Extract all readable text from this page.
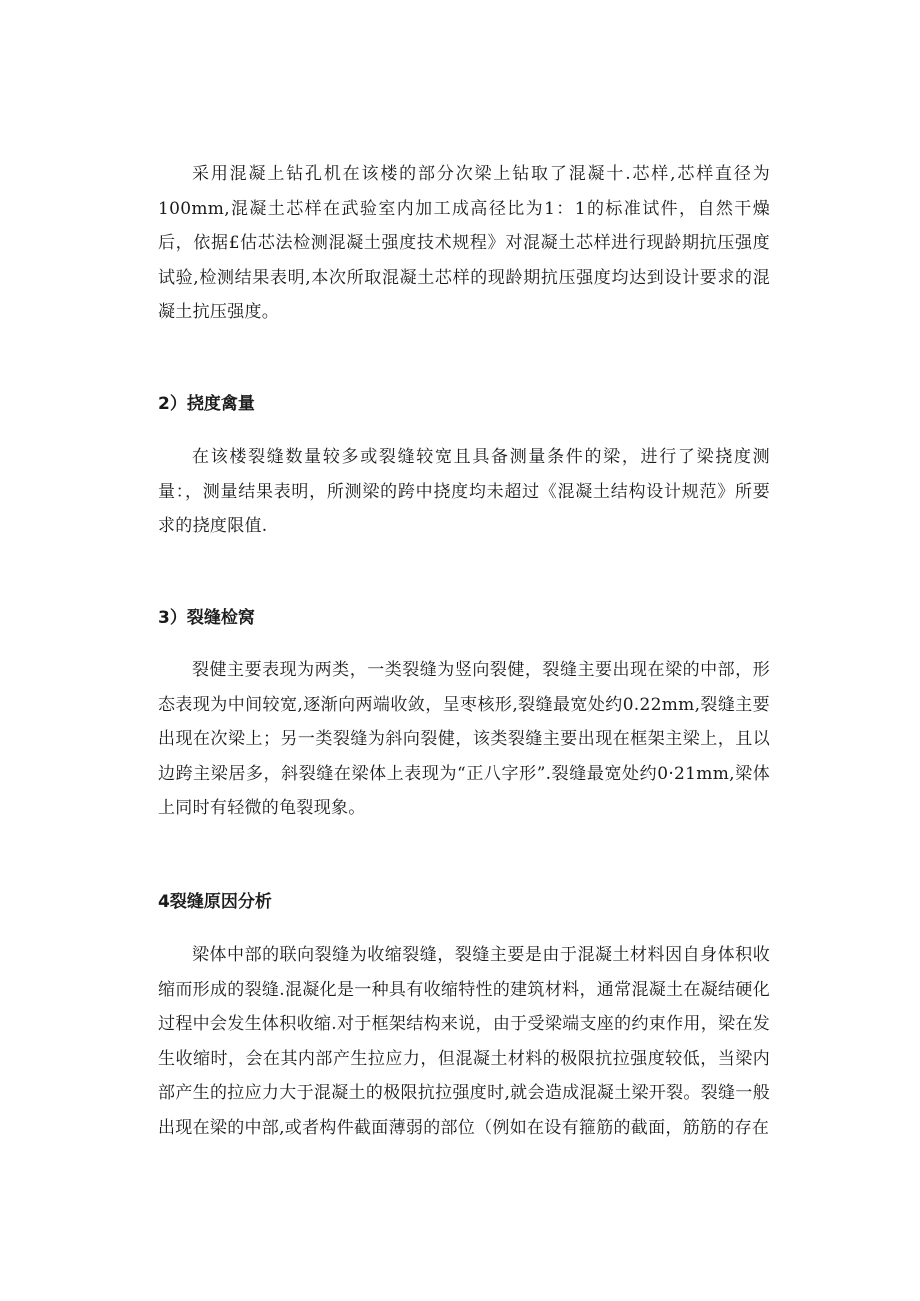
采用混凝上钻孔机在该楼的部分次梁上钻取了混凝十.芯样,芯样直径为100mm,混凝土芯样在武验室内加工成高径比为1：1的标准试件，自然干燥后，依据£估芯法检测混凝土强度技术规程》对混凝土芯样进行现龄期抗压强度试验,检测结果表明,本次所取混凝土芯样的现龄期抗压强度均达到设计要求的混凝土抗压强度。

2）挠度禽量

在该楼裂缝数量较多或裂缝较宽且具备测量条件的梁，进行了梁挠度测量：，测量结果表明，所测梁的跨中挠度均未超过《混凝土结构设计规范》所要求的挠度限值.

3）裂缝检窝

裂健主要表现为两类，一类裂缝为竖向裂健，裂缝主要出现在梁的中部，形态表现为中间较宽,逐渐向两端收敛，呈枣核形,裂缝最宽处约0.22mm,裂缝主要出现在次梁上；另一类裂缝为斜向裂健，该类裂缝主要出现在框架主梁上，且以边跨主梁居多，斜裂缝在梁体上表现为“正八字形”.裂缝最宽处约0·21mm,梁体上同时有轻微的龟裂现象。

4裂缝原因分析

梁体中部的联向裂缝为收缩裂缝，裂缝主要是由于混凝土材料因自身体积收缩而形成的裂缝.混凝化是一种具有收缩特性的建筑材料，通常混凝土在凝结硬化过程中会发生体积收缩.对于框架结构来说，由于受梁端支座的约束作用，梁在发生收缩时，会在其内部产生拉应力，但混凝土材料的极限抗拉强度较低，当梁内部产生的拉应力大于混凝土的极限抗拉强度时,就会造成混凝土梁开裂。裂缝一般出现在梁的中部,或者构件截面薄弱的部位（例如在设有箍筋的截面，筋筋的存在
